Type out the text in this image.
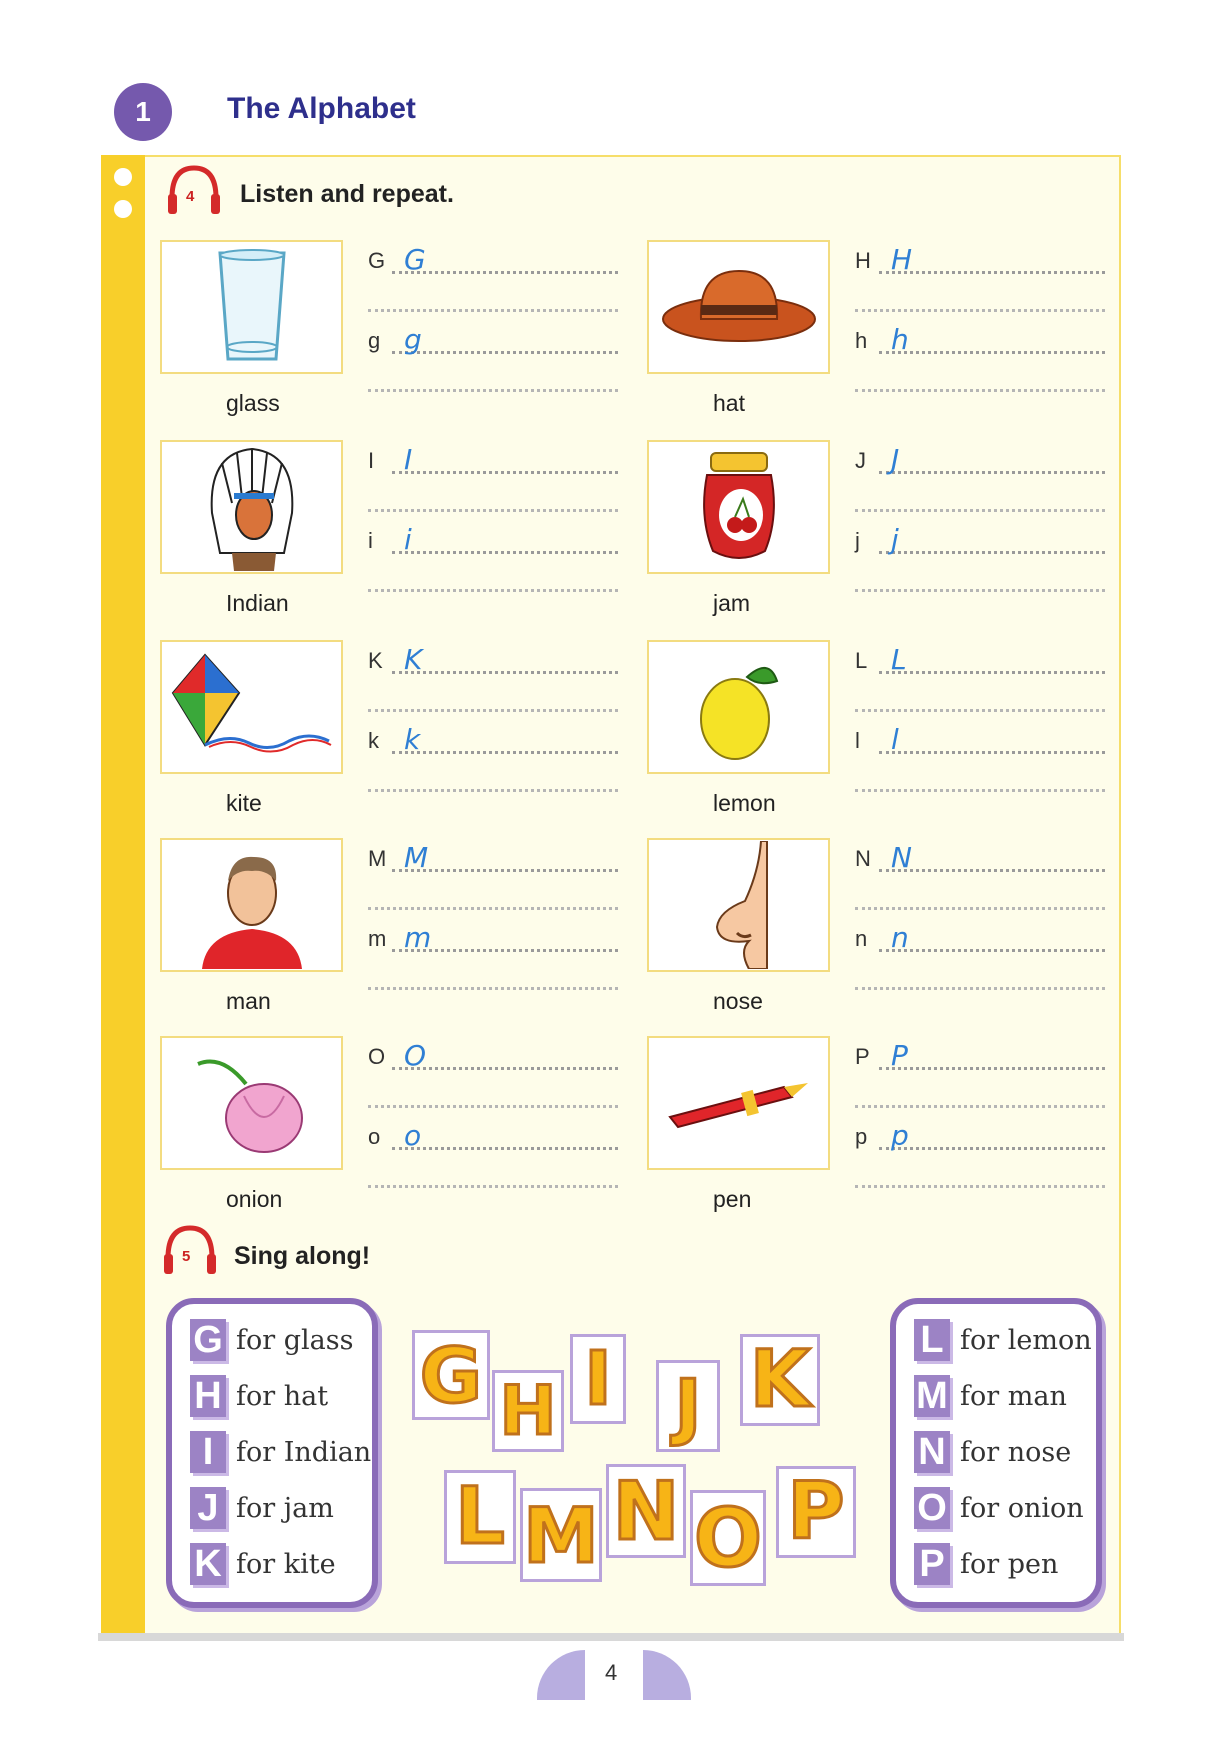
1	The Alphabet
4 Listen and repeat.
glass
G G
g g
hat
H H
h h
Indian
I I
i i
jam
J J
j j
kite
K K
k k
lemon
L L
l l
man
M M
m m
nose
N N
n n
onion
O O
o o
pen
P P
p p
5 Sing along!
G for glass
H for hat
I for Indian
J for jam
K for kite
L for lemon
M for man
N for nose
O for onion
P for pen
G H I J K
L M N O P
4
